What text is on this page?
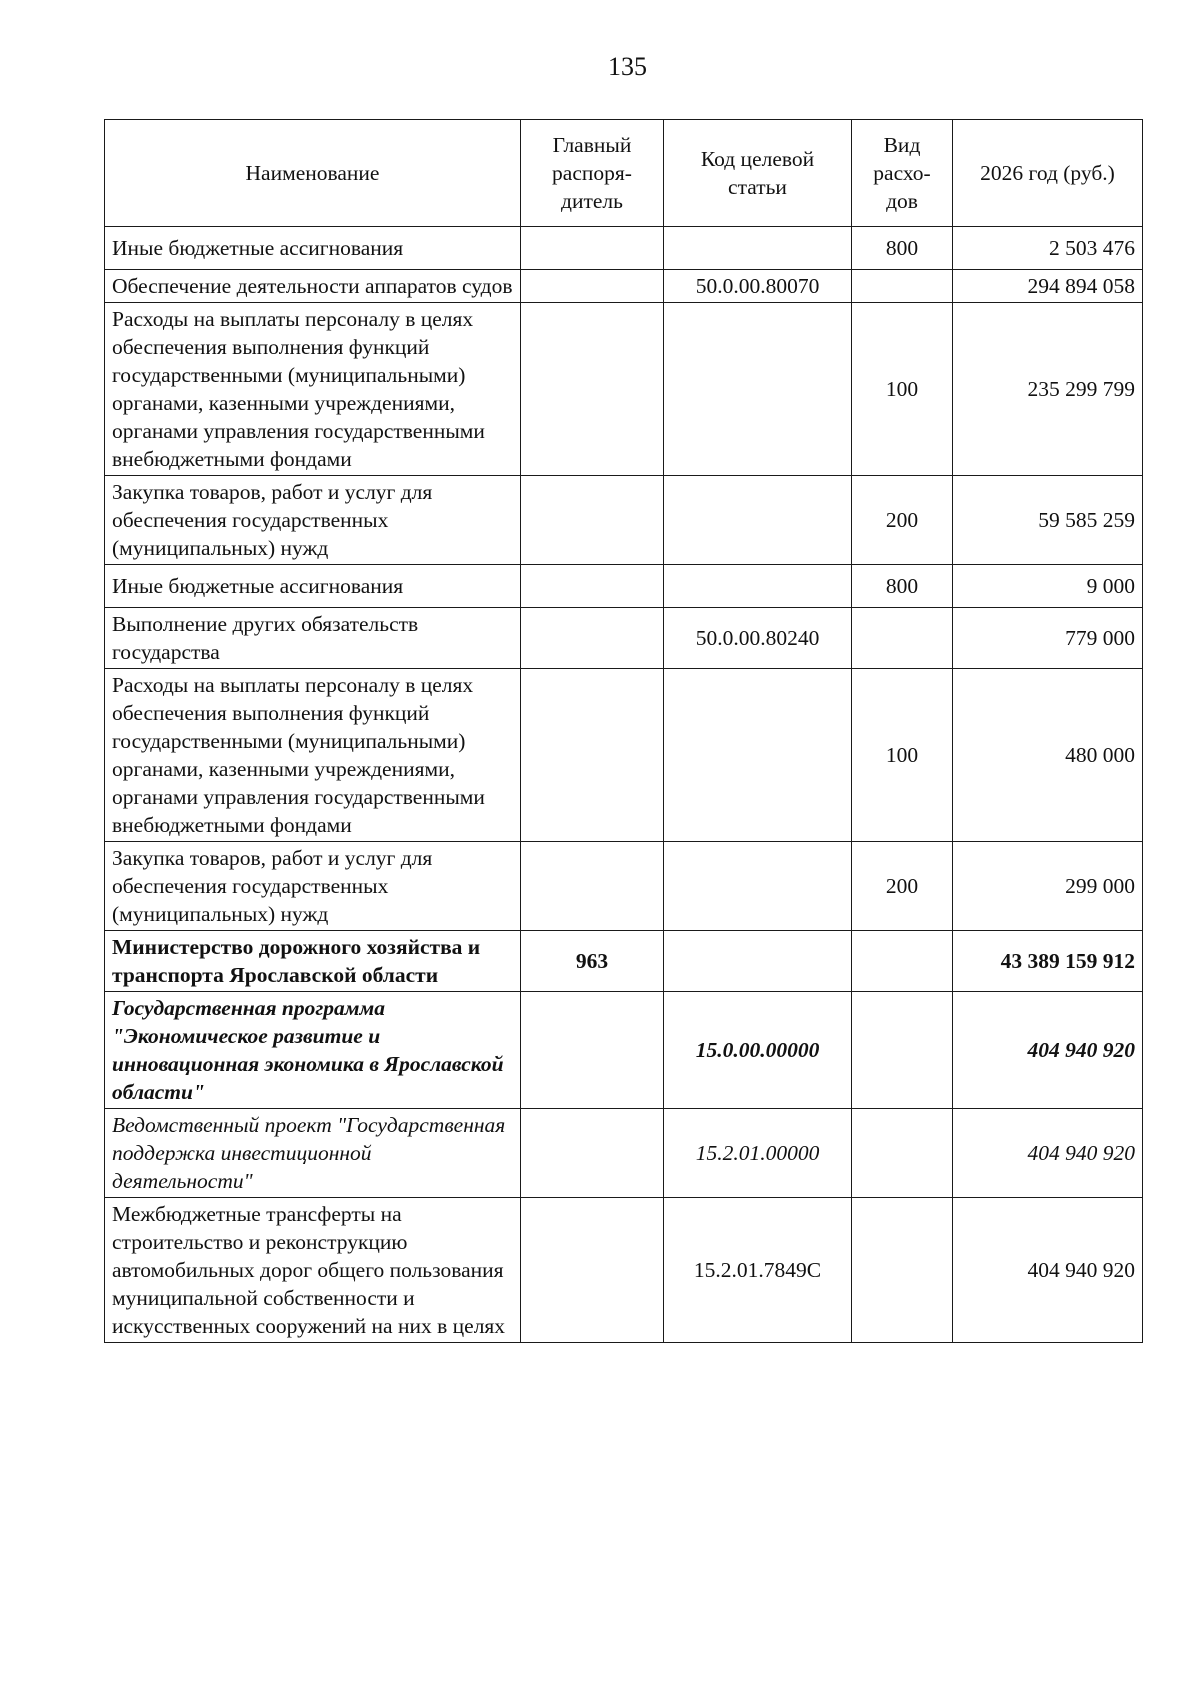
135
Наименование	Главный распоря-дитель	Код целевой статьи	Вид расхо-дов	2026 год (руб.)
Иные бюджетные ассигнования			800	2 503 476
Обеспечение деятельности аппаратов судов		50.0.00.80070		294 894 058
Расходы на выплаты персоналу в целях обеспечения выполнения функций государственными (муниципальными) органами, казенными учреждениями, органами управления государственными внебюджетными фондами			100	235 299 799
Закупка товаров, работ и услуг для обеспечения государственных (муниципальных) нужд			200	59 585 259
Иные бюджетные ассигнования			800	9 000
Выполнение других обязательств государства		50.0.00.80240		779 000
Расходы на выплаты персоналу в целях обеспечения выполнения функций государственными (муниципальными) органами, казенными учреждениями, органами управления государственными внебюджетными фондами			100	480 000
Закупка товаров, работ и услуг для обеспечения государственных (муниципальных) нужд			200	299 000
Министерство дорожного хозяйства и транспорта Ярославской области	963			43 389 159 912
Государственная программа "Экономическое развитие и инновационная экономика в Ярославской области"		15.0.00.00000		404 940 920
Ведомственный проект "Государственная поддержка инвестиционной деятельности"		15.2.01.00000		404 940 920
Межбюджетные трансферты на строительство и реконструкцию автомобильных дорог общего пользования муниципальной собственности и искусственных сооружений на них в целях		15.2.01.7849С		404 940 920
